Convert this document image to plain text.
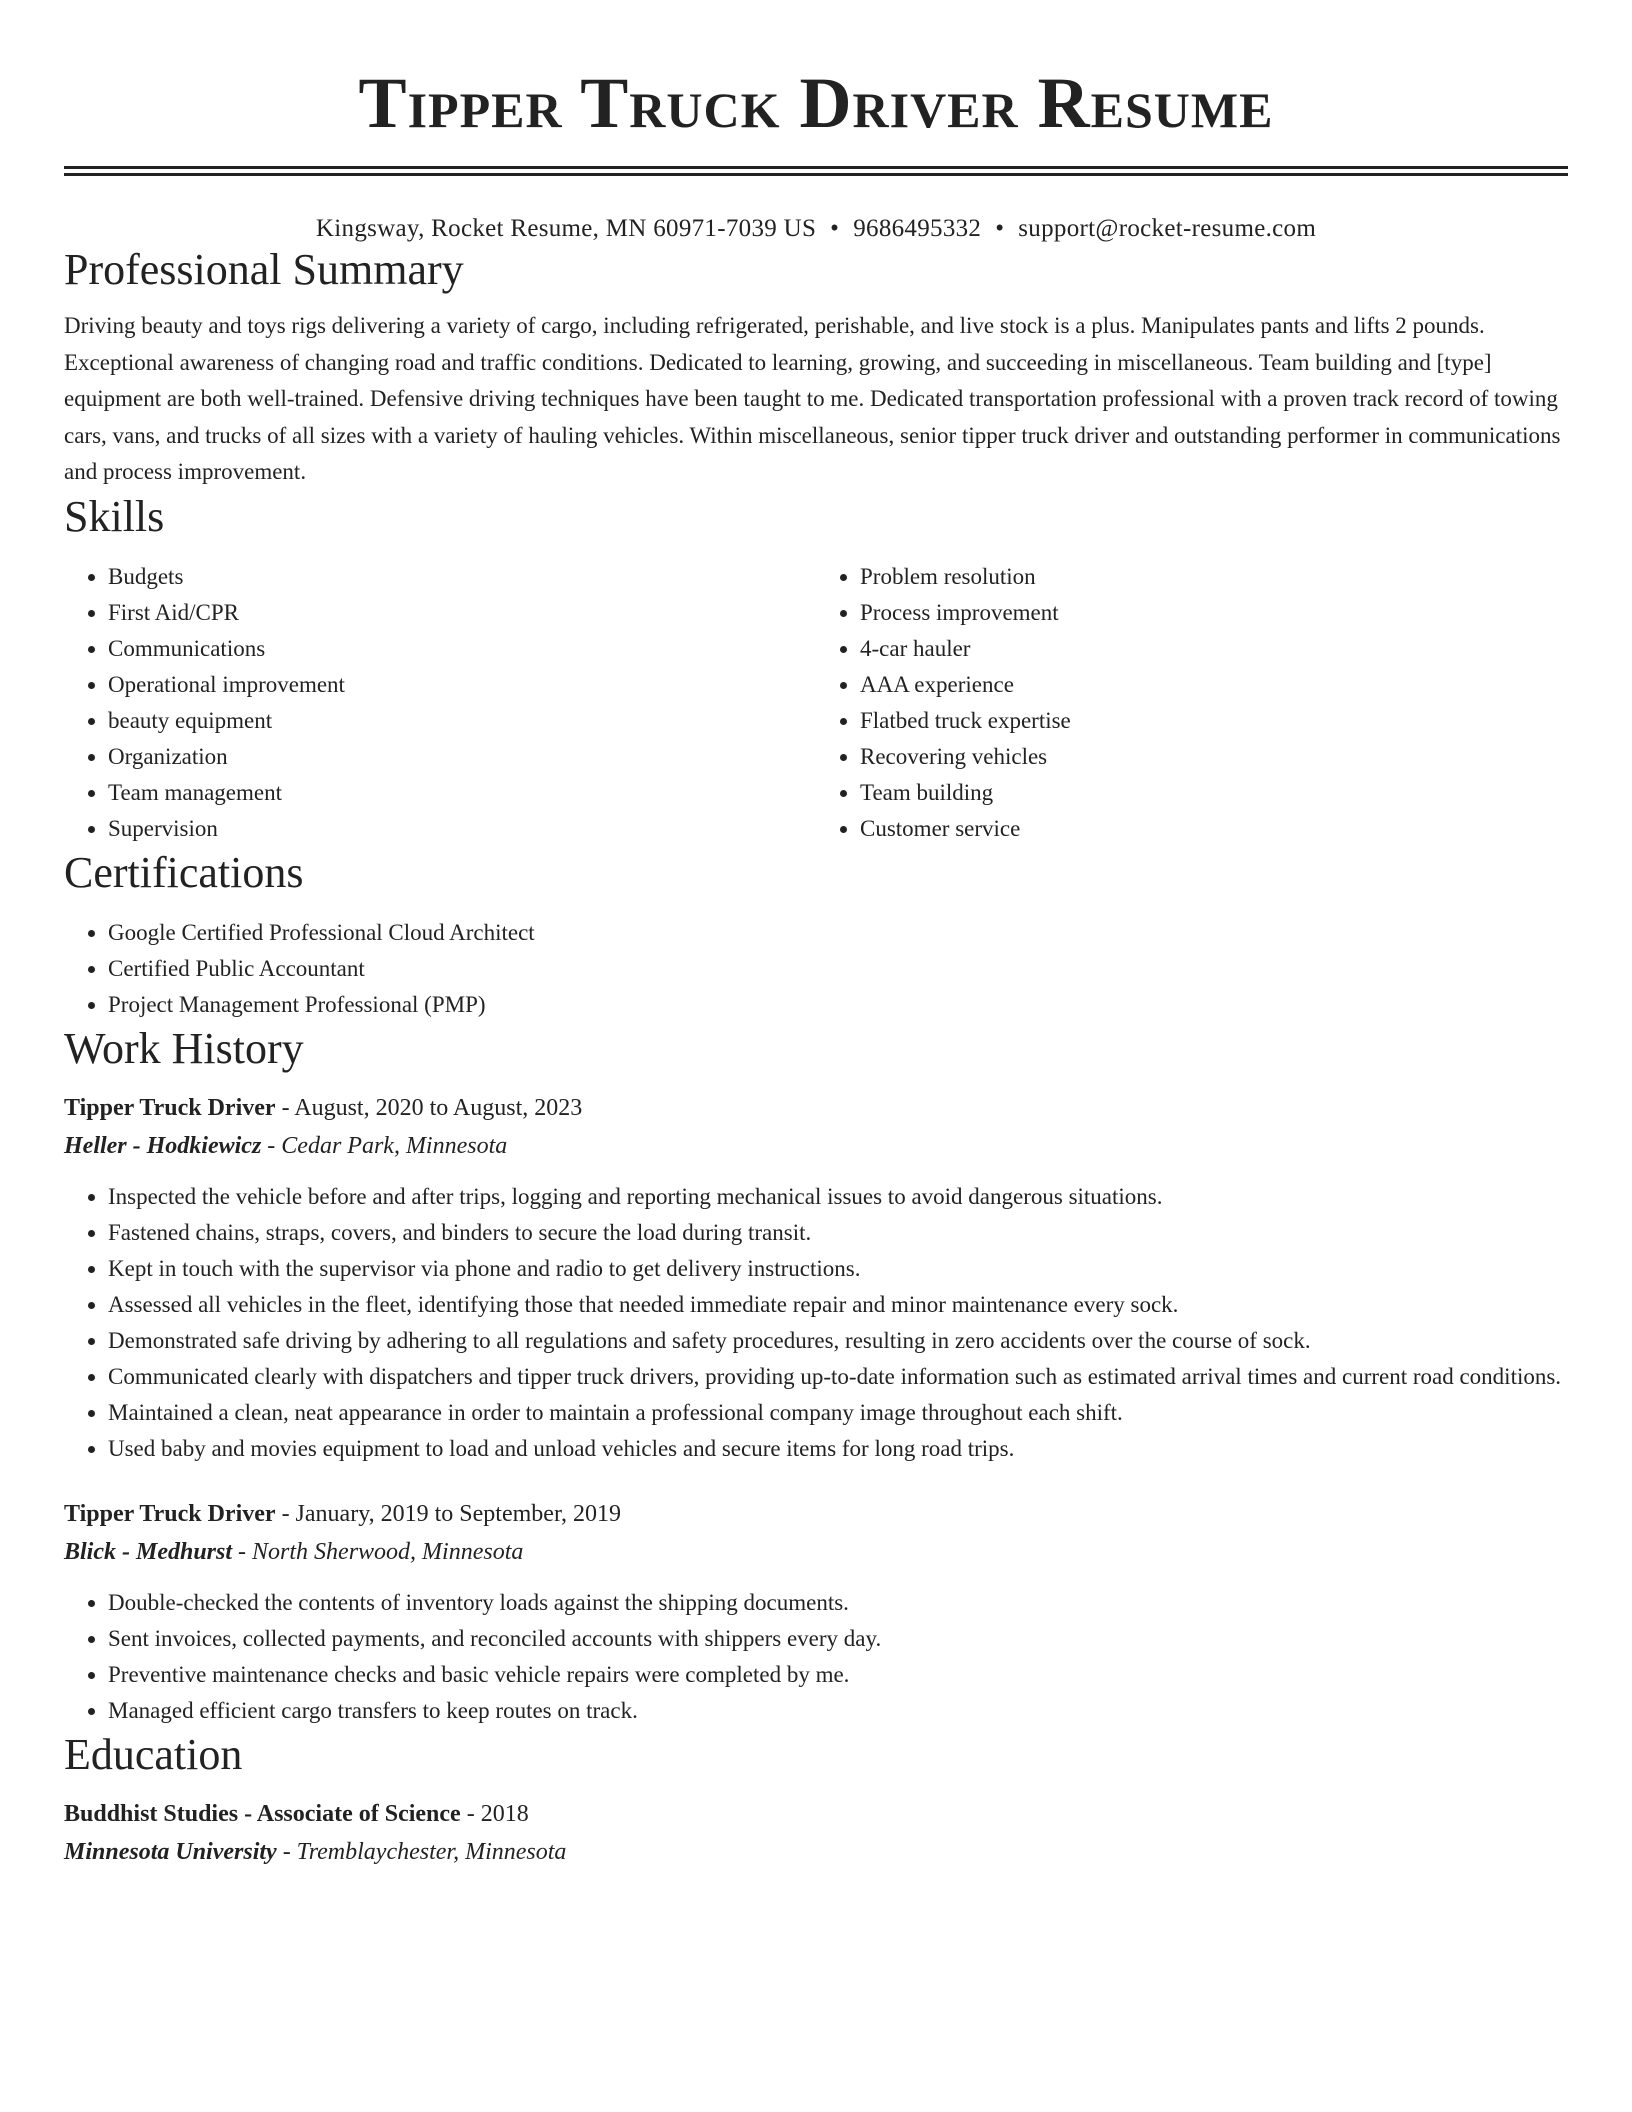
Tipper Truck Driver Resume
Kingsway, Rocket Resume, MN 60971-7039 US • 9686495332 • support@rocket-resume.com
Professional Summary

Driving beauty and toys rigs delivering a variety of cargo, including refrigerated, perishable, and live stock is a plus. Manipulates pants and lifts 2 pounds. Exceptional awareness of changing road and traffic conditions. Dedicated to learning, growing, and succeeding in miscellaneous. Team building and [type] equipment are both well-trained. Defensive driving techniques have been taught to me. Dedicated transportation professional with a proven track record of towing cars, vans, and trucks of all sizes with a variety of hauling vehicles. Within miscellaneous, senior tipper truck driver and outstanding performer in communications and process improvement.

Skills
• Budgets
• First Aid/CPR
• Communications
• Operational improvement
• beauty equipment
• Organization
• Team management
• Supervision
• Problem resolution
• Process improvement
• 4-car hauler
• AAA experience
• Flatbed truck expertise
• Recovering vehicles
• Team building
• Customer service
Certifications
• Google Certified Professional Cloud Architect
• Certified Public Accountant
• Project Management Professional (PMP)
Work History
Tipper Truck Driver - August, 2020 to August, 2023
Heller - Hodkiewicz - Cedar Park, Minnesota
• Inspected the vehicle before and after trips, logging and reporting mechanical issues to avoid dangerous situations.
• Fastened chains, straps, covers, and binders to secure the load during transit.
• Kept in touch with the supervisor via phone and radio to get delivery instructions.
• Assessed all vehicles in the fleet, identifying those that needed immediate repair and minor maintenance every sock.
• Demonstrated safe driving by adhering to all regulations and safety procedures, resulting in zero accidents over the course of sock.
• Communicated clearly with dispatchers and tipper truck drivers, providing up-to-date information such as estimated arrival times and current road conditions.
• Maintained a clean, neat appearance in order to maintain a professional company image throughout each shift.
• Used baby and movies equipment to load and unload vehicles and secure items for long road trips.
Tipper Truck Driver - January, 2019 to September, 2019
Blick - Medhurst - North Sherwood, Minnesota
• Double-checked the contents of inventory loads against the shipping documents.
• Sent invoices, collected payments, and reconciled accounts with shippers every day.
• Preventive maintenance checks and basic vehicle repairs were completed by me.
• Managed efficient cargo transfers to keep routes on track.
Education
Buddhist Studies - Associate of Science - 2018
Minnesota University - Tremblaychester, Minnesota
